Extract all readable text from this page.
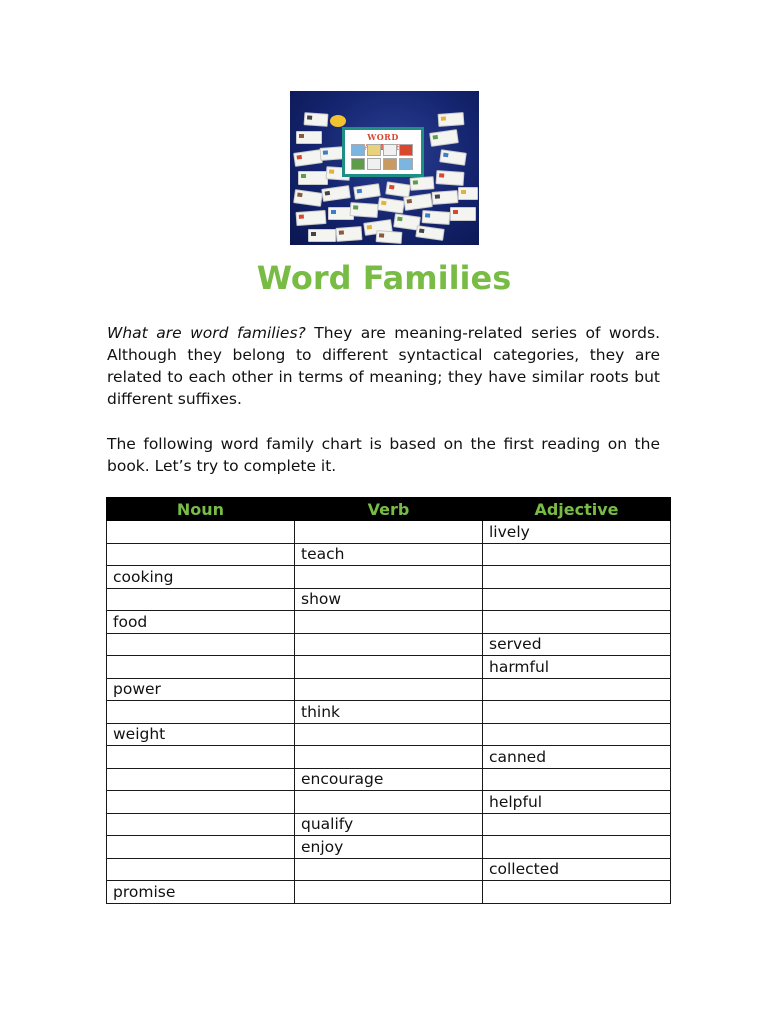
WORD
Word Families

What are word families? They are meaning-related series of words. Although they belong to different syntactical categories, they are related to each other in terms of meaning; they have similar roots but different suffixes.

The following word family chart is based on the first reading on the book. Let’s try to complete it.

Noun	Verb	Adjective
		lively
	teach	
cooking		
	show	
food		
		served
		harmful
power		
	think	
weight		
		canned
	encourage	
		helpful
	qualify	
	enjoy	
		collected
promise		
